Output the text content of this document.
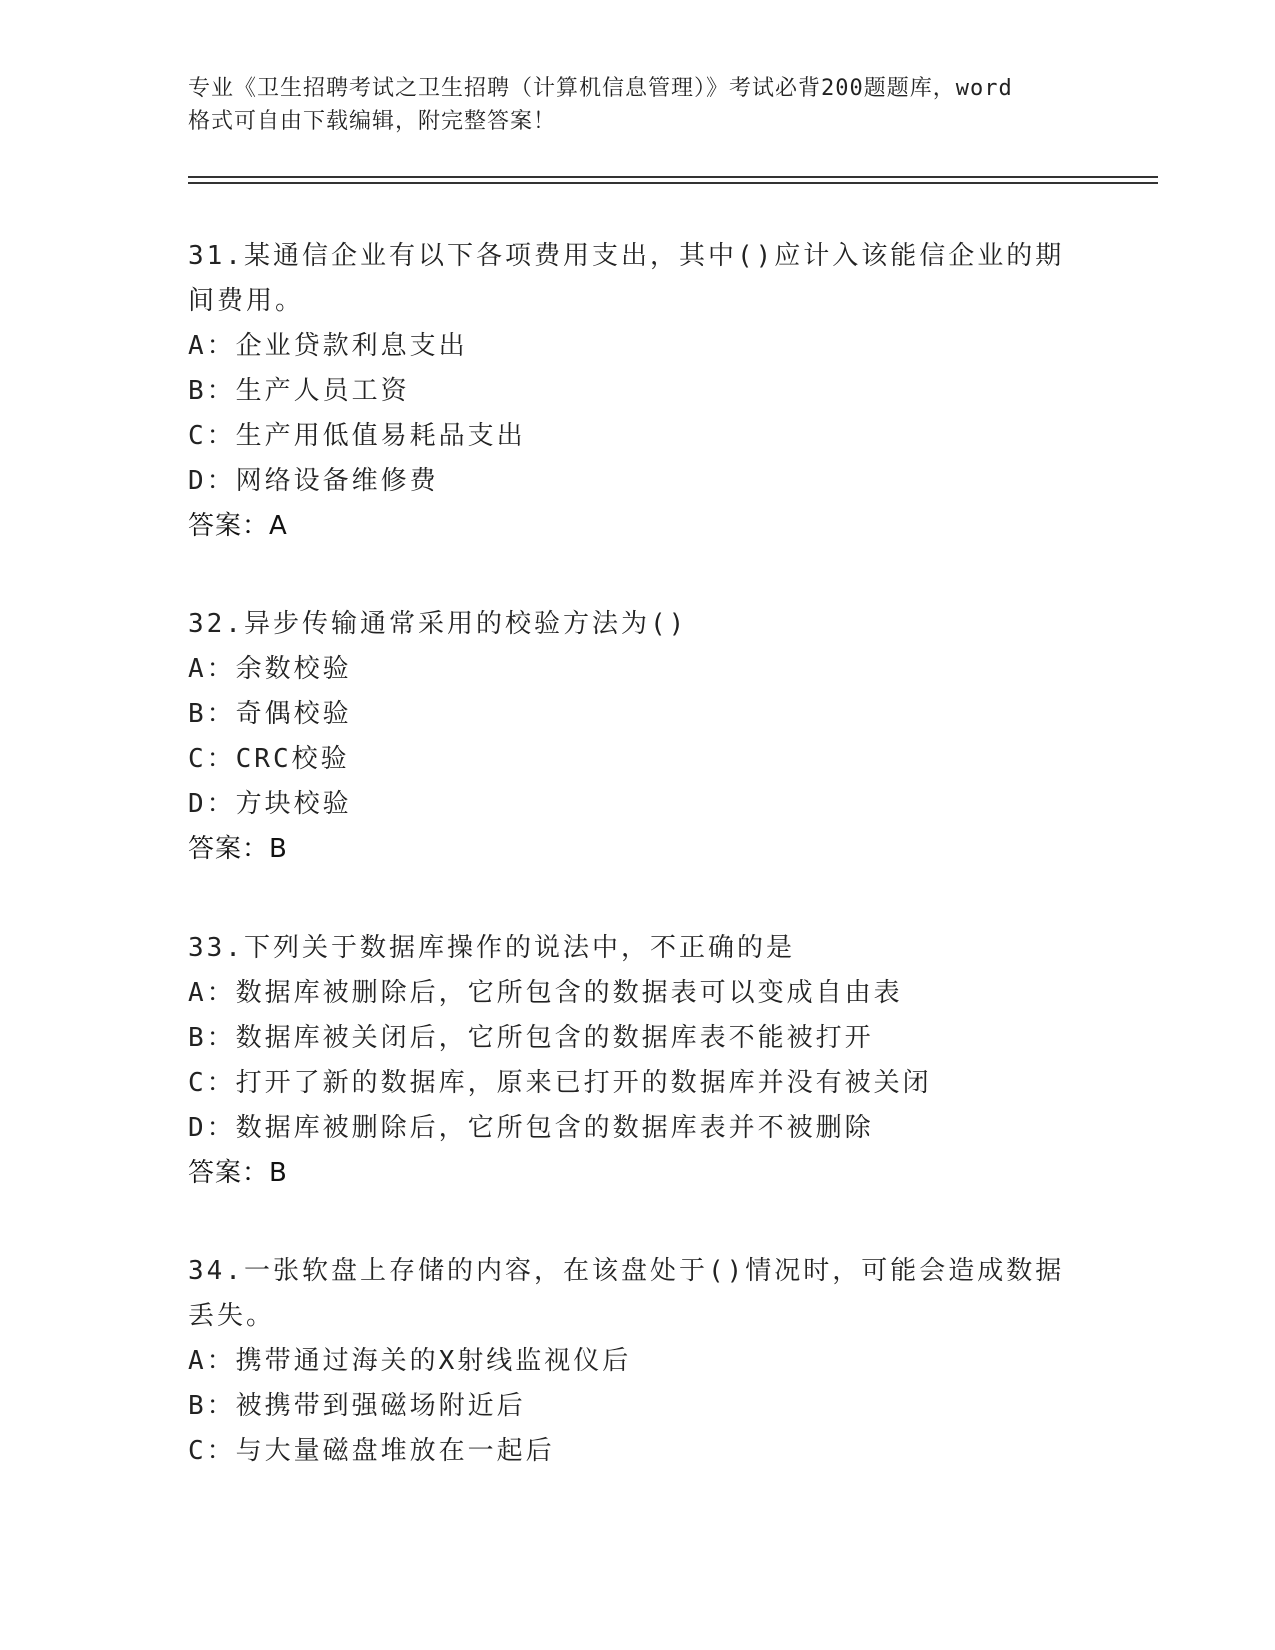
专业《卫生招聘考试之卫生招聘（计算机信息管理）》考试必背200题题库，word
格式可自由下载编辑，附完整答案！

31.某通信企业有以下各项费用支出，其中()应计入该能信企业的期间费用。

A：企业贷款利息支出

B：生产人员工资

C：生产用低值易耗品支出

D：网络设备维修费

答案：A

32.异步传输通常采用的校验方法为()

A：余数校验

B：奇偶校验

C：CRC校验

D：方块校验

答案：B

33.下列关于数据库操作的说法中，不正确的是

A：数据库被删除后，它所包含的数据表可以变成自由表

B：数据库被关闭后，它所包含的数据库表不能被打开

C：打开了新的数据库，原来已打开的数据库并没有被关闭

D：数据库被删除后，它所包含的数据库表并不被删除

答案：B

34.一张软盘上存储的内容，在该盘处于()情况时，可能会造成数据丢失。

A：携带通过海关的X射线监视仪后

B：被携带到强磁场附近后

C：与大量磁盘堆放在一起后
